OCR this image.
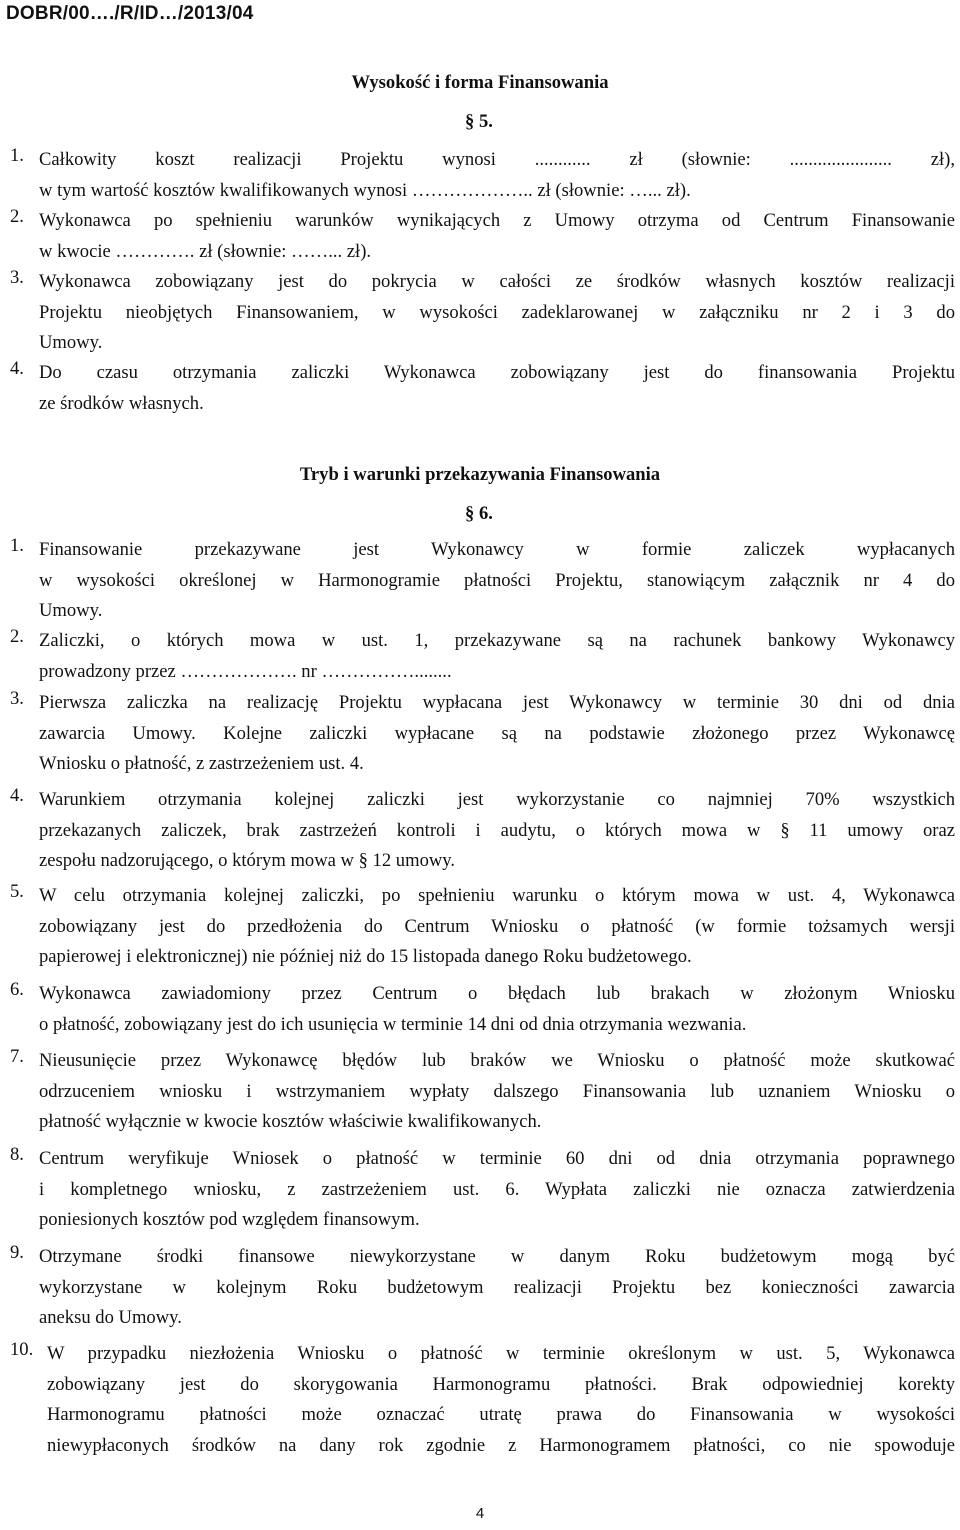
DOBR/00…./R/ID…/2013/04
Wysokość i forma Finansowania
§ 5.
1. Całkowity koszt realizacji Projektu wynosi ............ zł (słownie: ...................... zł),
w tym wartość kosztów kwalifikowanych wynosi ……………….. zł (słownie: …... zł).
2. Wykonawca po spełnieniu warunków wynikających z Umowy otrzyma od Centrum Finansowanie
w kwocie …………. zł (słownie: ……... zł).
3. Wykonawca zobowiązany jest do pokrycia w całości ze środków własnych kosztów realizacji
Projektu nieobjętych Finansowaniem, w wysokości zadeklarowanej w załączniku nr 2 i 3 do
Umowy.
4. Do czasu otrzymania zaliczki Wykonawca zobowiązany jest do finansowania Projektu
ze środków własnych.
Tryb i warunki przekazywania Finansowania
§ 6.
1. Finansowanie przekazywane jest Wykonawcy w formie zaliczek wypłacanych
w wysokości określonej w Harmonogramie płatności Projektu, stanowiącym załącznik nr 4 do
Umowy.
2. Zaliczki, o których mowa w ust. 1, przekazywane są na rachunek bankowy Wykonawcy
prowadzony przez ………………. nr ……………........
3. Pierwsza zaliczka na realizację Projektu wypłacana jest Wykonawcy w terminie 30 dni od dnia
zawarcia Umowy. Kolejne zaliczki wypłacane są na podstawie złożonego przez Wykonawcę
Wniosku o płatność, z zastrzeżeniem ust. 4.
4. Warunkiem otrzymania kolejnej zaliczki jest wykorzystanie co najmniej 70% wszystkich
przekazanych zaliczek, brak zastrzeżeń kontroli i audytu, o których mowa w § 11 umowy oraz
zespołu nadzorującego, o którym mowa w § 12 umowy.
5. W celu otrzymania kolejnej zaliczki, po spełnieniu warunku o którym mowa w ust. 4, Wykonawca
zobowiązany jest do przedłożenia do Centrum Wniosku o płatność (w formie tożsamych wersji
papierowej i elektronicznej) nie później niż do 15 listopada danego Roku budżetowego.
6. Wykonawca zawiadomiony przez Centrum o błędach lub brakach w złożonym Wniosku
o płatność, zobowiązany jest do ich usunięcia w terminie 14 dni od dnia otrzymania wezwania.
7. Nieusunięcie przez Wykonawcę błędów lub braków we Wniosku o płatność może skutkować
odrzuceniem wniosku i wstrzymaniem wypłaty dalszego Finansowania lub uznaniem Wniosku o
płatność wyłącznie w kwocie kosztów właściwie kwalifikowanych.
8. Centrum weryfikuje Wniosek o płatność w terminie 60 dni od dnia otrzymania poprawnego
i kompletnego wniosku, z zastrzeżeniem ust. 6. Wypłata zaliczki nie oznacza zatwierdzenia
poniesionych kosztów pod względem finansowym.
9. Otrzymane środki finansowe niewykorzystane w danym Roku budżetowym mogą być
wykorzystane w kolejnym Roku budżetowym realizacji Projektu bez konieczności zawarcia
aneksu do Umowy.
10. W przypadku niezłożenia Wniosku o płatność w terminie określonym w ust. 5, Wykonawca
zobowiązany jest do skorygowania Harmonogramu płatności. Brak odpowiedniej korekty
Harmonogramu płatności może oznaczać utratę prawa do Finansowania w wysokości
niewypłaconych środków na dany rok zgodnie z Harmonogramem płatności, co nie spowoduje
4
